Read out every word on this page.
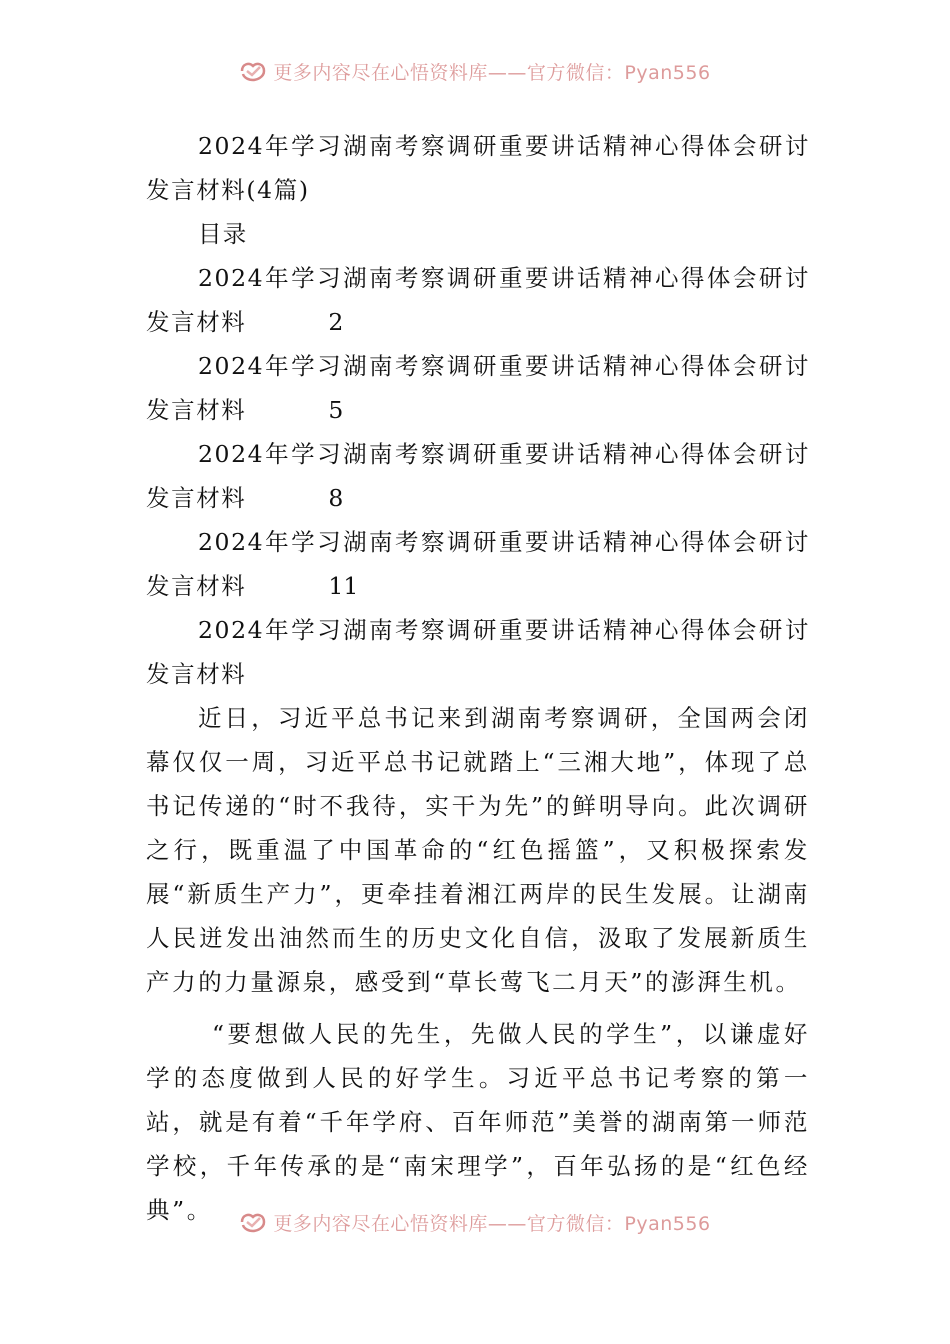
更多内容尽在心悟资料库——官方微信：Pyan556

2024年学习湖南考察调研重要讲话精神心得体会研讨发言材料(4篇)

目录

2024年学习湖南考察调研重要讲话精神心得体会研讨发言材料	2

2024年学习湖南考察调研重要讲话精神心得体会研讨发言材料	5

2024年学习湖南考察调研重要讲话精神心得体会研讨发言材料	8

2024年学习湖南考察调研重要讲话精神心得体会研讨发言材料	11

2024年学习湖南考察调研重要讲话精神心得体会研讨发言材料

近日，习近平总书记来到湖南考察调研，全国两会闭幕仅仅一周，习近平总书记就踏上“三湘大地”，体现了总书记传递的“时不我待，实干为先”的鲜明导向。此次调研之行，既重温了中国革命的“红色摇篮”，又积极探索发展“新质生产力”，更牵挂着湘江两岸的民生发展。让湖南人民迸发出油然而生的历史文化自信，汲取了发展新质生产力的力量源泉，感受到“草长莺飞二月天”的澎湃生机。

“要想做人民的先生，先做人民的学生”，以谦虚好学的态度做到人民的好学生。习近平总书记考察的第一站，就是有着“千年学府、百年师范”美誉的湖南第一师范学校，千年传承的是“南宋理学”，百年弘扬的是“红色经典”。	更多内容尽在心悟资料库——官方微信：Pyan556
